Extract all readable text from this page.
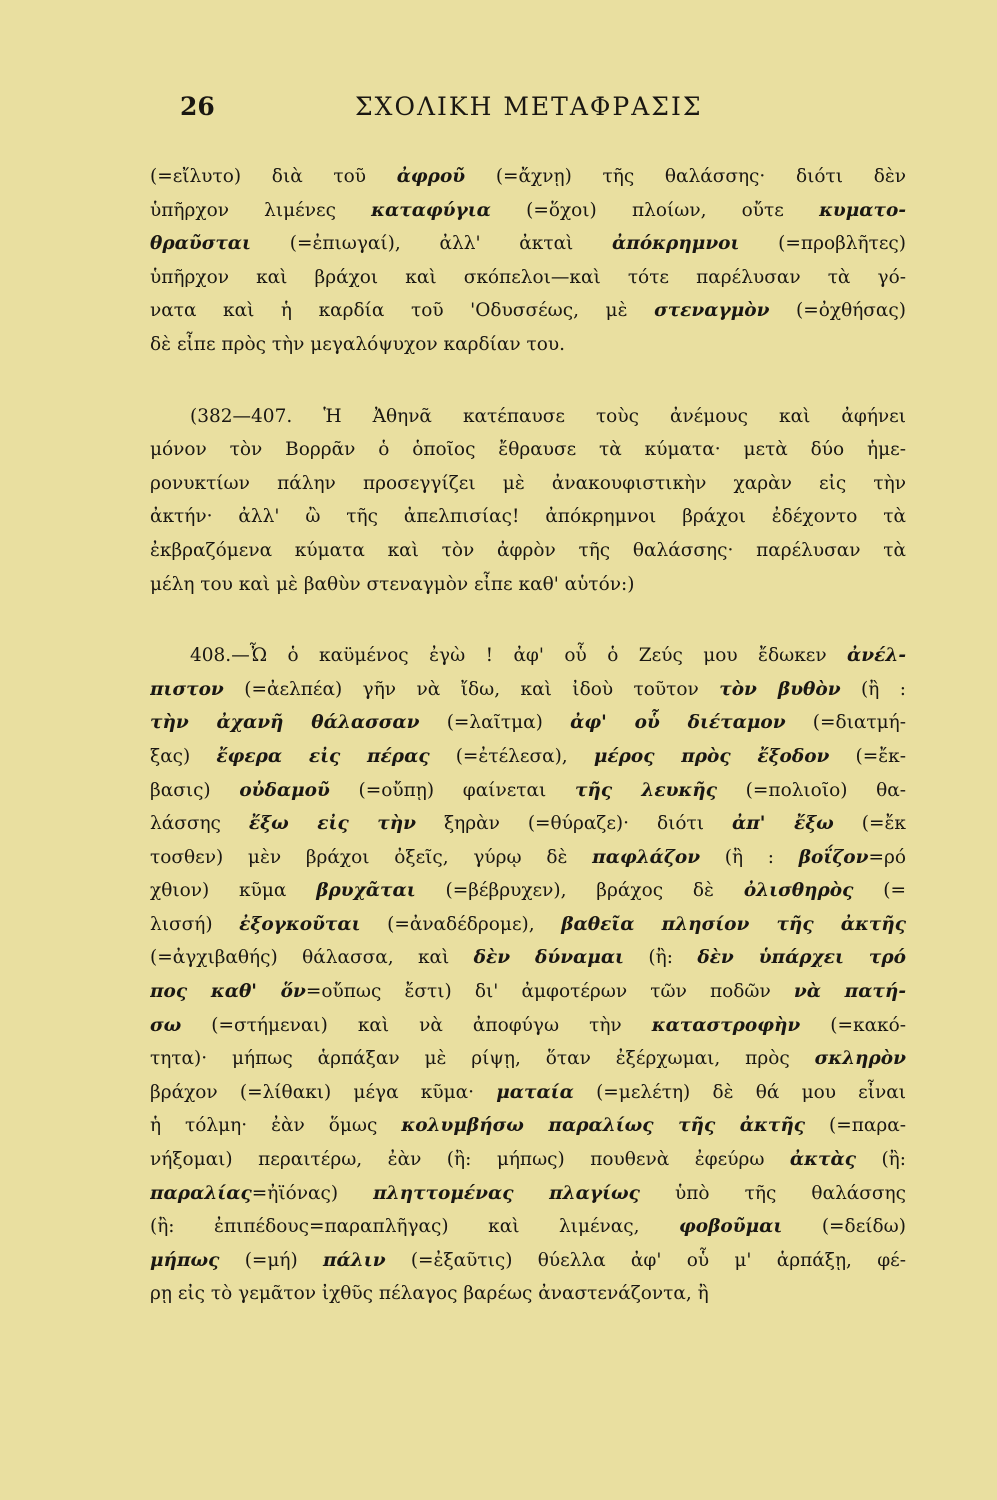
26	ΣΧΟΛΙΚΗ ΜΕΤΑΦΡΑΣΙΣ
(=εἴλυτο) διὰ τοῦ ἀφροῦ (=ἄχνῃ) τῆς θαλάσσης· διότι δὲν
ὑπῆρχον λιμένες καταφύγια (=ὅχοι) πλοίων, οὔτε κυματο-
θραῦσται (=ἐπιωγαί), ἀλλ' ἀκταὶ ἀπόκρημνοι (=προβλῆτες)
ὑπῆρχον καὶ βράχοι καὶ σκόπελοι—καὶ τότε παρέλυσαν τὰ γό-
νατα καὶ ἡ καρδία τοῦ 'Οδυσσέως, μὲ στεναγμὸν (=ὀχθήσας)
δὲ εἶπε πρὸς τὴν μεγαλόψυχον καρδίαν του.
(382—407. Ἡ Ἀθηνᾶ κατέπαυσε τοὺς ἀνέμους καὶ ἀφήνει
μόνον τὸν Βορρᾶν ὁ ὁποῖος ἔθραυσε τὰ κύματα· μετὰ δύο ἡμε-
ρονυκτίων πάλην προσεγγίζει μὲ ἀνακουφιστικὴν χαρὰν εἰς τὴν
ἀκτήν· ἀλλ' ὢ τῆς ἀπελπισίας! ἀπόκρημνοι βράχοι ἐδέχοντο τὰ
ἐκβραζόμενα κύματα καὶ τὸν ἀφρὸν τῆς θαλάσσης· παρέλυσαν τὰ
μέλη του καὶ μὲ βαθὺν στεναγμὸν εἶπε καθ' αὑτόν:)
408.—Ὦ ὁ καϋμένος ἐγὼ ! ἀφ' οὗ ὁ Ζεύς μου ἔδωκεν ἀνέλ-
πιστον (=ἀελπέα) γῆν νὰ ἴδω, καὶ ἰδοὺ τοῦτον τὸν βυθὸν (ἢ :
τὴν ἀχανῆ θάλασσαν (=λαῖτμα) ἀφ' οὗ διέταμον (=διατμή-
ξας) ἔφερα εἰς πέρας (=ἐτέλεσα), μέρος πρὸς ἔξοδον (=ἔκ-
βασις) οὐδαμοῦ (=οὔπῃ) φαίνεται τῆς λευκῆς (=πολιοῖο) θα-
λάσσης ἔξω εἰς τὴν ξηρὰν (=θύραζε)· διότι ἀπ' ἔξω (=ἔκ
τοσθεν) μὲν βράχοι ὀξεῖς, γύρῳ δὲ παφλάζον (ἢ : βοΐζον=ρό
χθιον) κῦμα βρυχᾶται (=βέβρυχεν), βράχος δὲ ὀλισθηρὸς (=
λισσή) ἐξογκοῦται (=ἀναδέδρομε), βαθεῖα πλησίον τῆς ἀκτῆς
(=ἀγχιβαθής) θάλασσα, καὶ δὲν δύναμαι (ἢ: δὲν ὑπάρχει τρό
πος καθ' ὅν=οὔπως ἔστι) δι' ἀμφοτέρων τῶν ποδῶν νὰ πατή-
σω (=στήμεναι) καὶ νὰ ἀποφύγω τὴν καταστροφὴν (=κακό-
τητα)· μήπως ἁρπάξαν μὲ ρίψῃ, ὅταν ἐξέρχωμαι, πρὸς σκληρὸν
βράχον (=λίθακι) μέγα κῦμα· ματαία (=μελέτη) δὲ θά μου εἶναι
ἡ τόλμη· ἐὰν ὅμως κολυμβήσω παραλίως τῆς ἀκτῆς (=παρα-
νήξομαι) περαιτέρω, ἐὰν (ἢ: μήπως) πουθενὰ ἐφεύρω ἀκτὰς (ἢ:
παραλίας=ἠϊόνας) πληττομένας πλαγίως ὑπὸ τῆς θαλάσσης
(ἢ: ἐπιπέδους=παραπλῆγας) καὶ λιμένας, φοβοῦμαι (=δείδω)
μήπως (=μή) πάλιν (=ἐξαῦτις) θύελλα ἀφ' οὗ μ' ἁρπάξῃ, φέ-
ρῃ εἰς τὸ γεμᾶτον ἰχθῦς πέλαγος βαρέως ἀναστενάζοντα, ἢ
